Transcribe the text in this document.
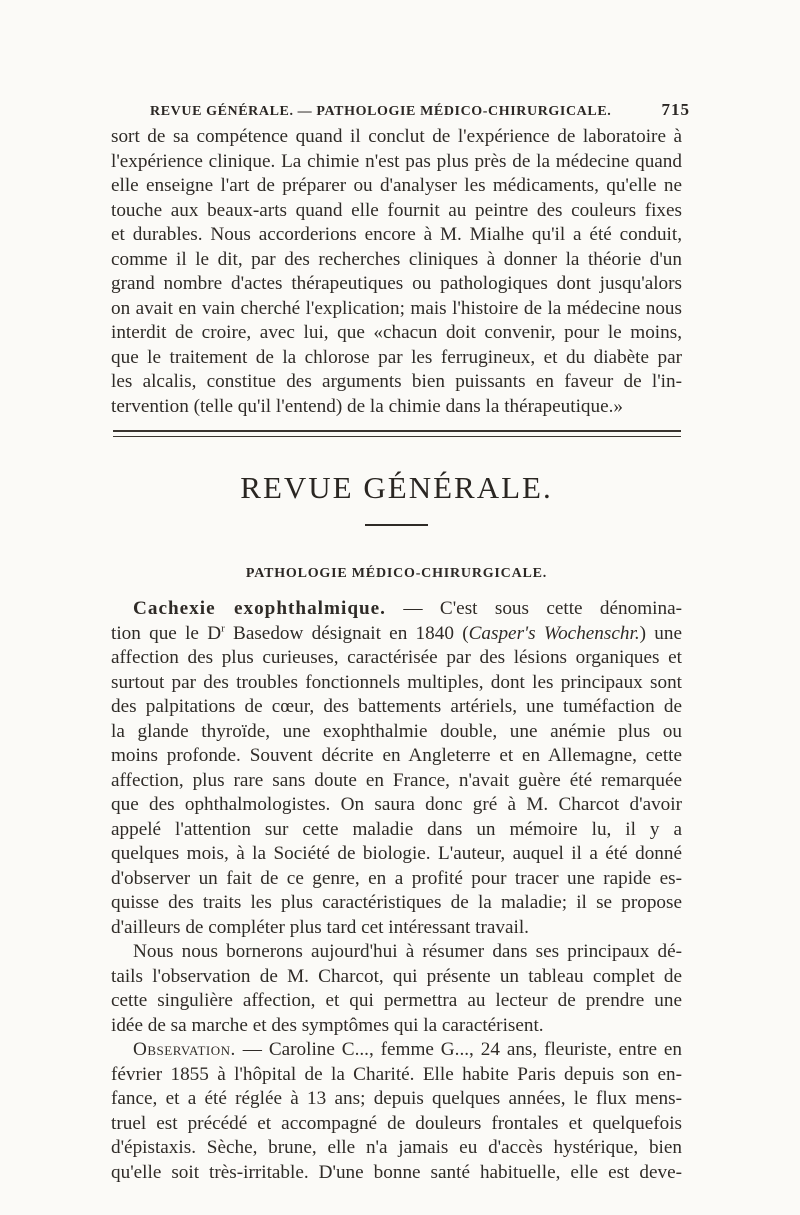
REVUE GÉNÉRALE. — PATHOLOGIE MÉDICO-CHIRURGICALE.	715
sort de sa compétence quand il conclut de l'expérience de laboratoire à
l'expérience clinique. La chimie n'est pas plus près de la médecine quand
elle enseigne l'art de préparer ou d'analyser les médicaments, qu'elle ne
touche aux beaux-arts quand elle fournit au peintre des couleurs fixes
et durables. Nous accorderions encore à M. Mialhe qu'il a été conduit,
comme il le dit, par des recherches cliniques à donner la théorie d'un
grand nombre d'actes thérapeutiques ou pathologiques dont jusqu'alors
on avait en vain cherché l'explication; mais l'histoire de la médecine nous
interdit de croire, avec lui, que «chacun doit convenir, pour le moins,
que le traitement de la chlorose par les ferrugineux, et du diabète par
les alcalis, constitue des arguments bien puissants en faveur de l'in-
tervention (telle qu'il l'entend) de la chimie dans la thérapeutique.»
REVUE GÉNÉRALE.
PATHOLOGIE MÉDICO-CHIRURGICALE.
Cachexie exophthalmique. — C'est sous cette dénomina-
tion que le $D^r$ Basedow désignait en 1840 (Casper's Wochenschr.) une
affection des plus curieuses, caractérisée par des lésions organiques et
surtout par des troubles fonctionnels multiples, dont les principaux sont
des palpitations de cœur, des battements artériels, une tuméfaction de
la glande thyroïde, une exophthalmie double, une anémie plus ou
moins profonde. Souvent décrite en Angleterre et en Allemagne, cette
affection, plus rare sans doute en France, n'avait guère été remarquée
que des ophthalmologistes. On saura donc gré à M. Charcot d'avoir
appelé l'attention sur cette maladie dans un mémoire lu, il y a
quelques mois, à la Société de biologie. L'auteur, auquel il a été donné
d'observer un fait de ce genre, en a profité pour tracer une rapide es-
quisse des traits les plus caractéristiques de la maladie; il se propose
d'ailleurs de compléter plus tard cet intéressant travail.
Nous nous bornerons aujourd'hui à résumer dans ses principaux dé-
tails l'observation de M. Charcot, qui présente un tableau complet de
cette singulière affection, et qui permettra au lecteur de prendre une
idée de sa marche et des symptômes qui la caractérisent.
Observation. — Caroline C..., femme G..., 24 ans, fleuriste, entre en
février 1855 à l'hôpital de la Charité. Elle habite Paris depuis son en-
fance, et a été réglée à 13 ans; depuis quelques années, le flux mens-
truel est précédé et accompagné de douleurs frontales et quelquefois
d'épistaxis. Sèche, brune, elle n'a jamais eu d'accès hystérique, bien
qu'elle soit très-irritable. D'une bonne santé habituelle, elle est deve-
